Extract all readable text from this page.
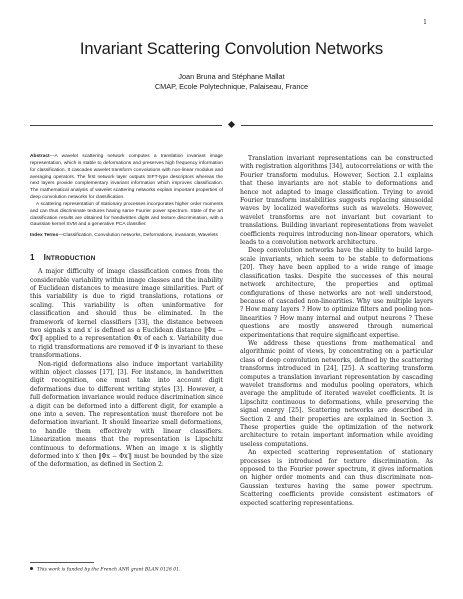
1
Invariant Scattering Convolution Networks
Joan Bruna and Stéphane Mallat
CMAP, Ecole Polytechnique, Palaiseau, France

Abstract—A wavelet scattering network computes a translation invariant image representation, which is stable to deformations and preserves high frequency information for classification. It cascades wavelet transform convolutions with non-linear modulus and averaging operators. The first network layer outputs SIFT-type descriptors whereas the next layers provide complementary invariant information which improves classification. The mathematical analysis of wavelet scattering networks explain important properties of deep convolution networks for classification.

A scattering representation of stationary processes incorporates higher order moments and can thus discriminate textures having same Fourier power spectrum. State of the art classification results are obtained for handwritten digits and texture discrimination, with a Gaussian kernel SVM and a generative PCA classifier.

Index Terms—Classification, Convolution networks, Deformations, invariants, Wavelets

1 INTRODUCTION

A major difficulty of image classification comes from the considerable variability within image classes and the inability of Euclidean distances to measure image similarities. Part of this variability is due to rigid translations, rotations or scaling. This variability is often uninformative for classification and should thus be eliminated. In the framework of kernel classifiers [33], the distance between two signals x and x′ is defined as a Euclidean distance ‖Φx − Φx′‖ applied to a representation Φx of each x. Variability due to rigid transformations are removed if Φ is invariant to these transformations.

Non-rigid deformations also induce important variability within object classes [17], [3]. For instance, in handwritten digit recognition, one must take into account digit deformations due to different writing styles [3]. However, a full deformation invariance would reduce discrimination since a digit can be deformed into a different digit, for example a one into a seven. The representation must therefore not be deformation invariant. It should linearize small deformations, to handle them effectively with linear classifiers. Linearization means that the representation is Lipschitz continuous to deformations. When an image x is slightly deformed into x′ then ‖Φx − Φx′‖ must be bounded by the size of the deformation, as defined in Section 2.

Translation invariant representations can be constructed with registration algorithms [34], autocorrelations or with the Fourier transform modulus. However, Section 2.1 explains that these invariants are not stable to deformations and hence not adapted to image classification. Trying to avoid Fourier transform instabilities suggests replacing sinusoidal waves by localized waveforms such as wavelets. However, wavelet transforms are not invariant but covariant to translations. Building invariant representations from wavelet coefficients requires introducing non-linear operators, which leads to a convolution network architecture.

Deep convolution networks have the ability to build large-scale invariants, which seem to be stable to deformations [20]. They have been applied to a wide range of image classification tasks. Despite the successes of this neural network architecture, the properties and optimal configurations of these networks are not well understood, because of cascaded non-linearities. Why use multiple layers ? How many layers ? How to optimize filters and pooling non-linearities ? How many internal and output neurons ? These questions are mostly answered through numerical experimentations that require significant expertise.

We address these questions from mathematical and algorithmic point of views, by concentrating on a particular class of deep convolution networks, defined by the scattering transforms introduced in [24], [25]. A scattering transform computes a translation invariant representation by cascading wavelet transforms and modulus pooling operators, which average the amplitude of iterated wavelet coefficients. It is Lipschitz continuous to deformations, while preserving the signal energy [25]. Scattering networks are described in Section 2 and their properties are explained in Section 3. These properties guide the optimization of the network architecture to retain important information while avoiding useless computations.

An expected scattering representation of stationary processes is introduced for texture discrimination. As opposed to the Fourier power spectrum, it gives information on higher order moments and can thus discriminate non-Gaussian textures having the same power spectrum. Scattering coefficients provide consistent estimators of expected scattering representations.

This work is funded by the French ANR grant BLAN 0126 01.
